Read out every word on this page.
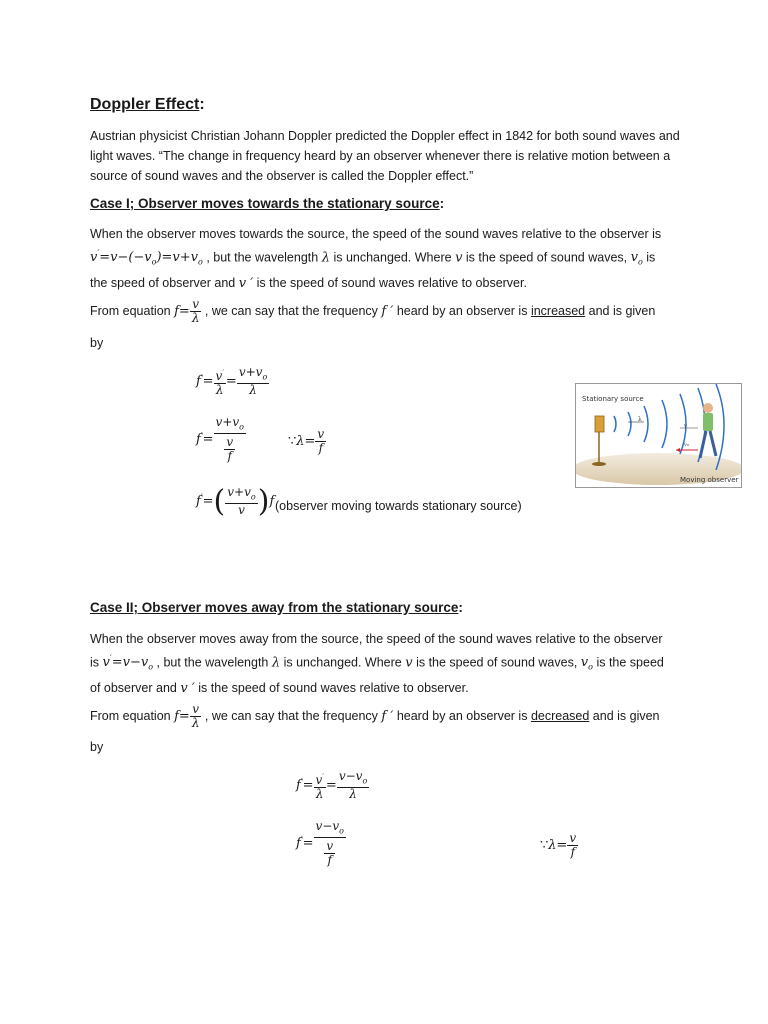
Doppler Effect:
Austrian physicist Christian Johann Doppler predicted the Doppler effect in 1842 for both sound waves and light waves. “The change in frequency heard by an observer whenever there is relative motion between a source of sound waves and the observer is called the Doppler effect.”
Case I; Observer moves towards the stationary source:
When the observer moves towards the source, the speed of the sound waves relative to the observer is
$v'=v-(-v_o)=v+v_o$ , but the wavelength λ is unchanged. Where v is the speed of sound waves, $v_o$ is
the speed of observer and v ′ is the speed of sound waves relative to observer.
From equation $f= \frac{v}{\lambda}$ , we can say that the frequency f ′ heard by an observer is increased and is given
by
$f'= \frac{v'}{\lambda} = \frac{v+v_o}{\lambda}$
$f'= \frac{v+v_o}{\frac{v}{f}}$	∵λ= $\frac{v}{f}$
$f'=( \frac{v+v_o}{v} )f$ (observer moving towards stationary source)
λ
v
v₀
Stationary source
Moving observer
Case II; Observer moves away from the stationary source:
When the observer moves away from the source, the speed of the sound waves relative to the observer
is $v'=v-v_o$ , but the wavelength λ is unchanged. Where v is the speed of sound waves, $v_o$ is the speed
of observer and v ′ is the speed of sound waves relative to observer.
From equation $f= \frac{v}{\lambda}$ , we can say that the frequency f ′ heard by an observer is decreased and is given
by
$f'= \frac{v'}{\lambda} = \frac{v-v_o}{\lambda}$
$f'= \frac{v-v_o}{\frac{v}{f}}$	∵λ= $\frac{v}{f}$
